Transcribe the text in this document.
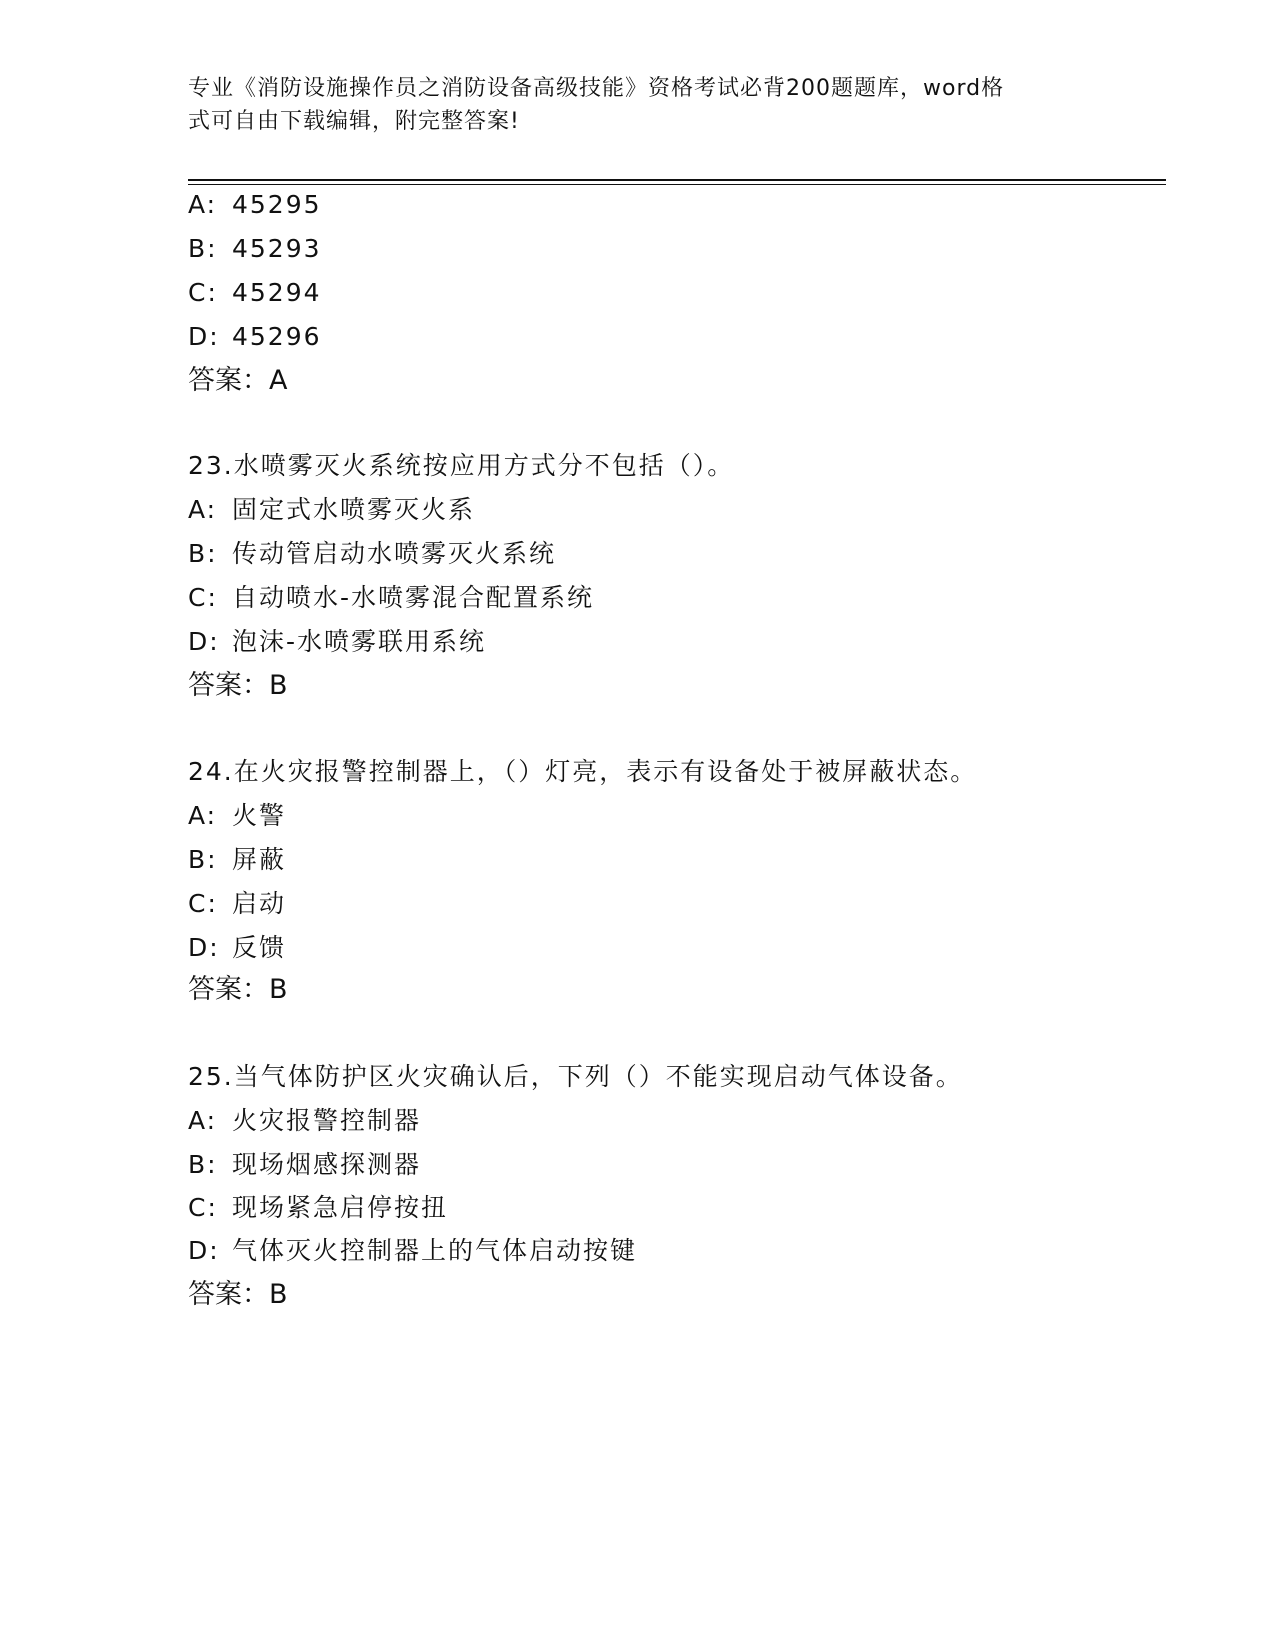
专业《消防设施操作员之消防设备高级技能》资格考试必背200题题库，word格
式可自由下载编辑，附完整答案!
A: 45295
B: 45293
C: 45294
D: 45296
答案：A
23.水喷雾灭火系统按应用方式分不包括（）。
A: 固定式水喷雾灭火系
B: 传动管启动水喷雾灭火系统
C: 自动喷水-水喷雾混合配置系统
D: 泡沫-水喷雾联用系统
答案：B
24.在火灾报警控制器上，（）灯亮，表示有设备处于被屏蔽状态。
A: 火警
B: 屏蔽
C: 启动
D: 反馈
答案：B
25.当气体防护区火灾确认后，下列（）不能实现启动气体设备。
A: 火灾报警控制器
B: 现场烟感探测器
C: 现场紧急启停按扭
D: 气体灭火控制器上的气体启动按键
答案：B
